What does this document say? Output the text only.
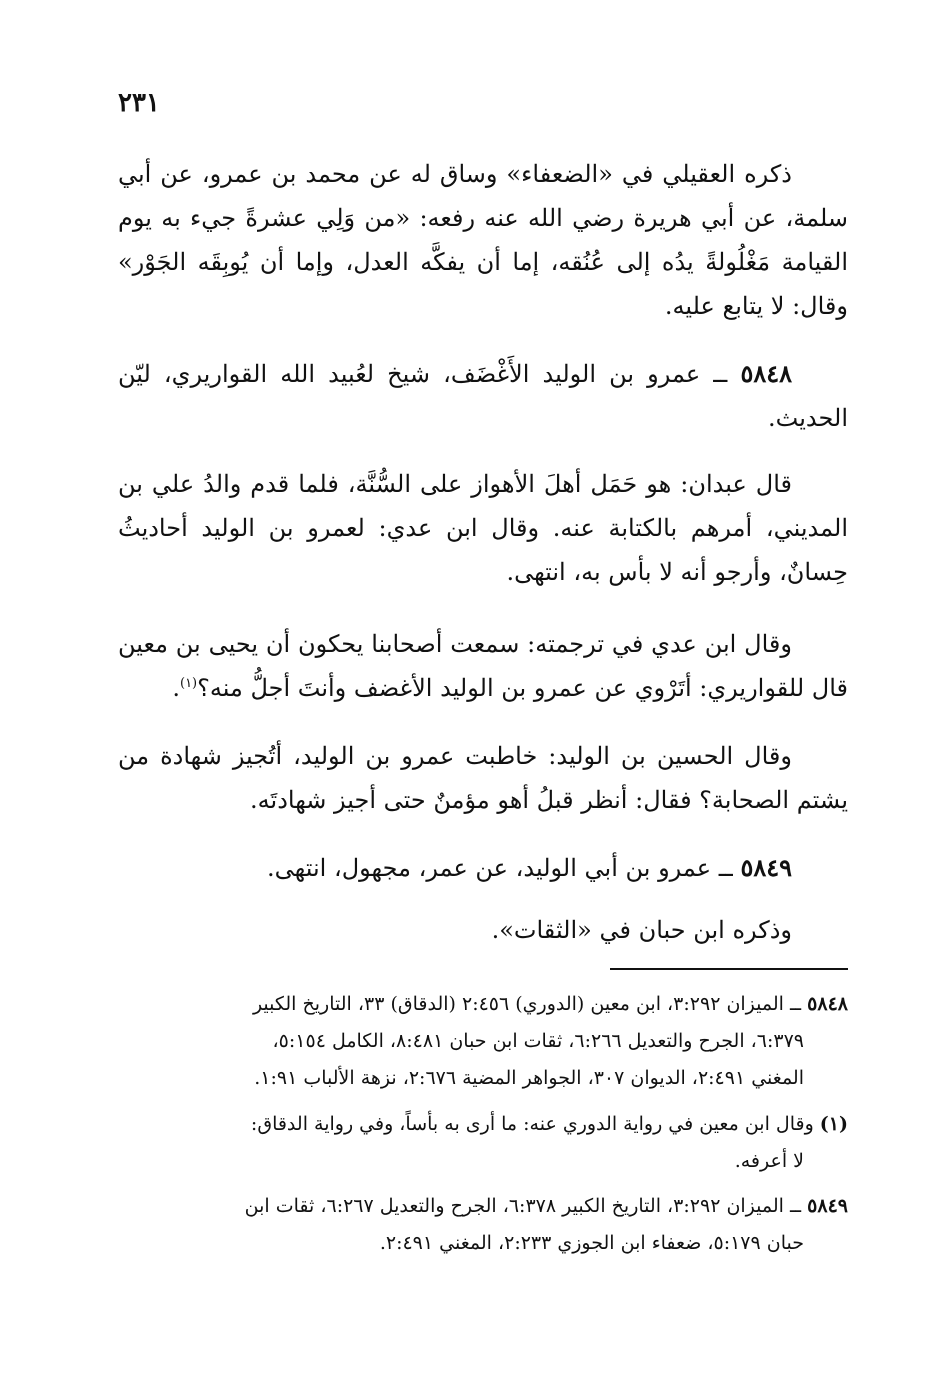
٢٣١

ذكره العقيلي في «الضعفاء» وساق له عن محمد بن عمرو، عن أبي سلمة، عن أبي هريرة رضي الله عنه رفعه: «من وَلِي عشرةً جيء به يوم القيامة مَغْلُولةً يدُه إلى عُنُقه، إما أن يفكَّه العدل، وإما أن يُوبِقَه الجَوْر» وقال: لا يتابع عليه.

٥٨٤٨ ــ عمرو بن الوليد الأَغْضَف، شيخ لعُبيد الله القواريري، ليّن الحديث.

قال عبدان: هو حَمَل أهلَ الأهواز على السُّنَّة، فلما قدم والدُ علي بن المديني، أمرهم بالكتابة عنه. وقال ابن عدي: لعمرو بن الوليد أحاديثُ حِسانٌ، وأرجو أنه لا بأس به، انتهى.

وقال ابن عدي في ترجمته: سمعت أصحابنا يحكون أن يحيى بن معين قال للقواريري: أتَرْوي عن عمرو بن الوليد الأغضف وأنتَ أجلُّ منه؟$^{(١)}$.

وقال الحسين بن الوليد: خاطبت عمرو بن الوليد، أتُجيز شهادة من يشتم الصحابة؟ فقال: أنظر قبلُ أهو مؤمنٌ حتى أجيز شهادتَه.

٥٨٤٩ ــ عمرو بن أبي الوليد، عن عمر، مجهول، انتهى.

وذكره ابن حبان في «الثقات».

٥٨٤٨ ــ الميزان ٣:٢٩٢، ابن معين (الدوري) ٢:٤٥٦ (الدقاق) ٣٣، التاريخ الكبير
٦:٣٧٩، الجرح والتعديل ٦:٢٦٦، ثقات ابن حبان ٨:٤٨١، الكامل ٥:١٥٤،
المغني ٢:٤٩١، الديوان ٣٠٧، الجواهر المضية ٢:٦٧٦، نزهة الألباب ١:٩١.
(١) وقال ابن معين في رواية الدوري عنه: ما أرى به بأساً، وفي رواية الدقاق:
لا أعرفه.
٥٨٤٩ ــ الميزان ٣:٢٩٢، التاريخ الكبير ٦:٣٧٨، الجرح والتعديل ٦:٢٦٧، ثقات ابن
حبان ٥:١٧٩، ضعفاء ابن الجوزي ٢:٢٣٣، المغني ٢:٤٩١.
